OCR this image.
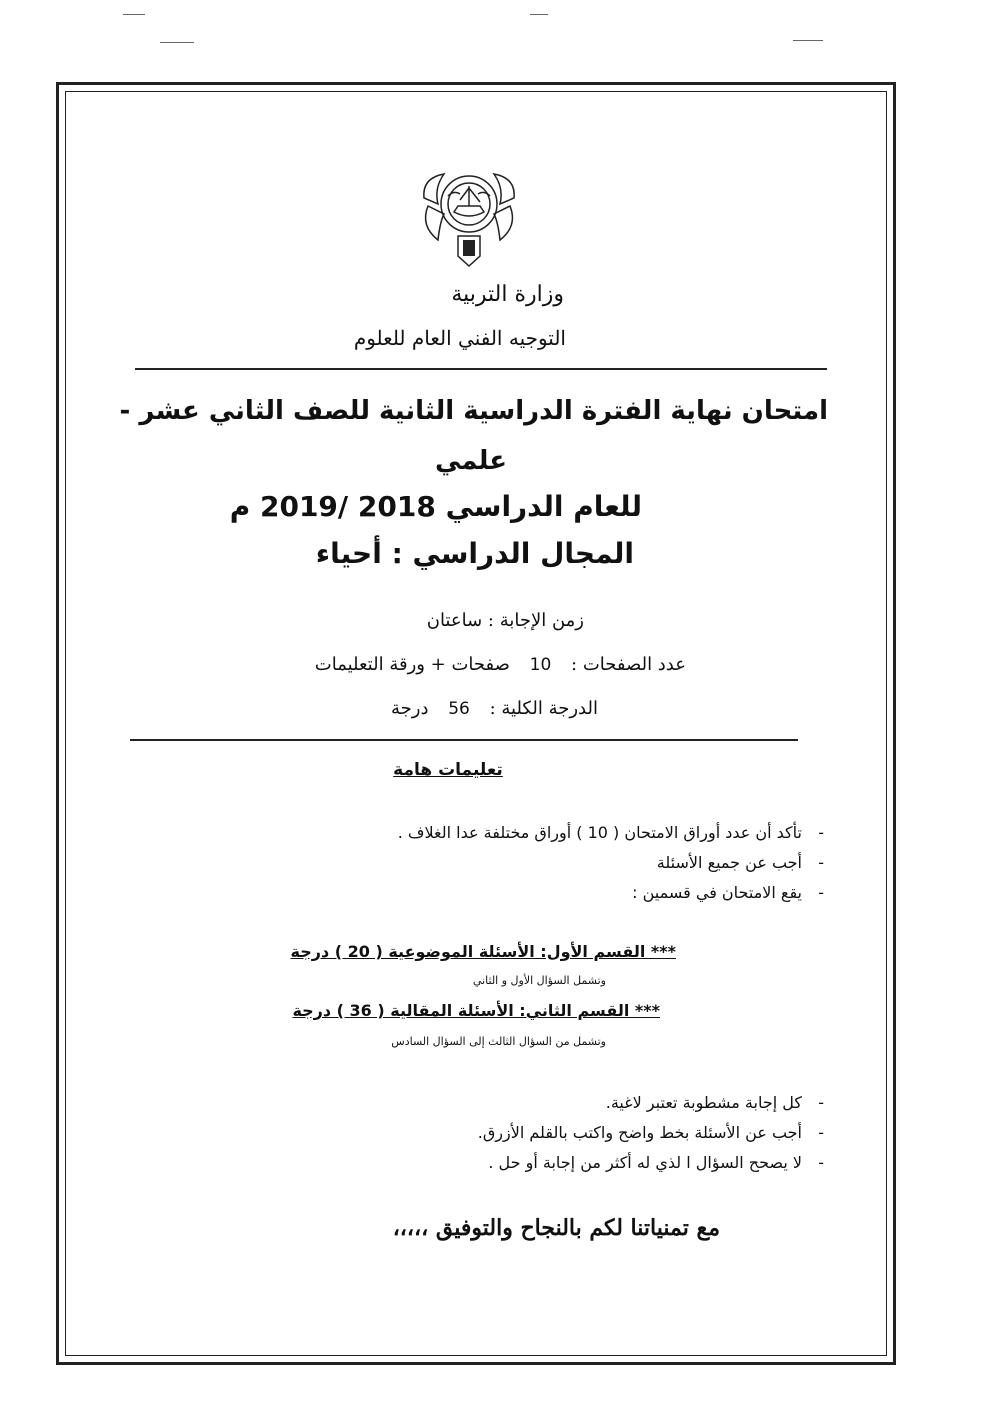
وزارة التربية
التوجيه الفني العام للعلوم
امتحان نهاية الفترة الدراسية الثانية للصف الثاني عشر -
علمي
للعام الدراسي 2018 /2019 م
المجال الدراسي : أحياء
زمن الإجابة : ساعتان
عدد الصفحات : 10 صفحات + ورقة التعليمات
الدرجة الكلية : 56 درجة
تعليمات هامة
-
تأكد أن عدد أوراق الامتحان ( 10 ) أوراق مختلفة عدا الغلاف .
-
أجب عن جميع الأسئلة
-
يقع الامتحان في قسمين :
*** القسم الأول: الأسئلة الموضوعية ( 20 ) درجة
وتشمل السؤال الأول و الثاني
*** القسم الثاني: الأسئلة المقالية ( 36 ) درجة
وتشمل من السؤال الثالث إلى السؤال السادس
-
كل إجابة مشطوبة تعتبر لاغية.
-
أجب عن الأسئلة بخط واضح واكتب بالقلم الأزرق.
-
لا يصحح السؤال ا لذي له أكثر من إجابة أو حل .
مع تمنياتنا لكم بالنجاح والتوفيق ،،،،،
